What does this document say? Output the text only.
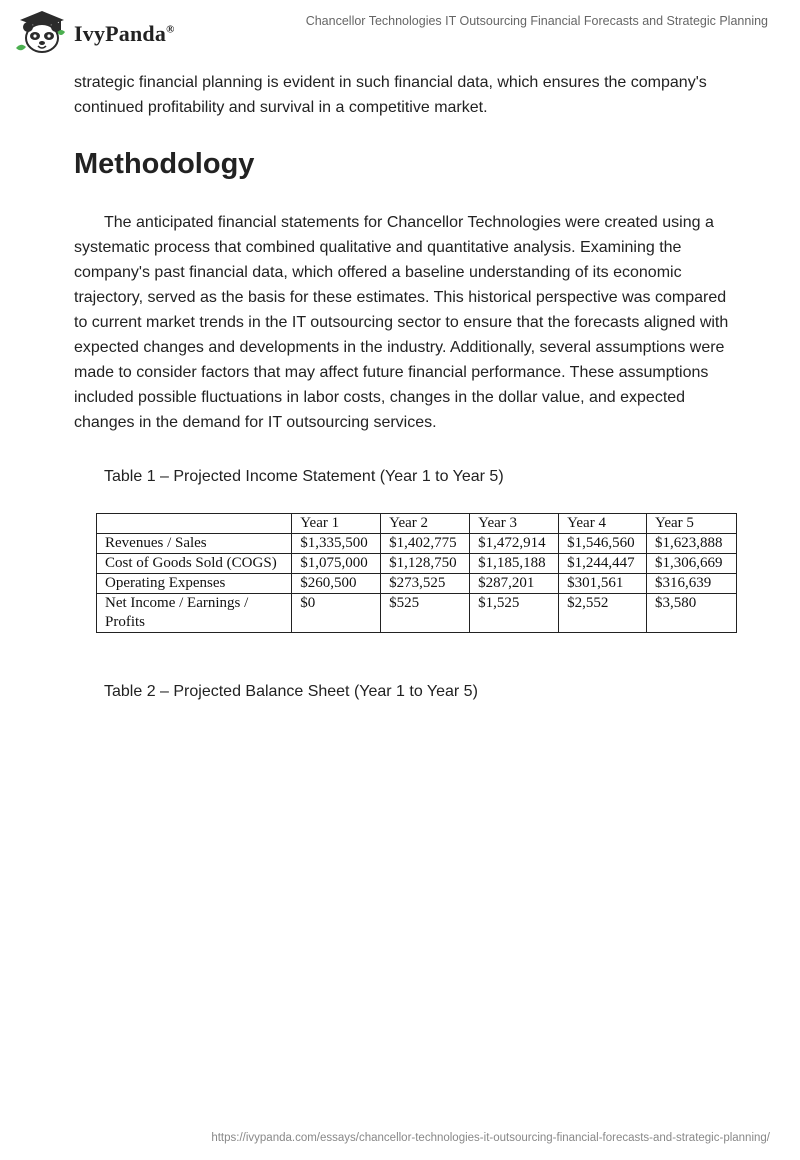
IvyPanda®
Chancellor Technologies IT Outsourcing Financial Forecasts and Strategic Planning

strategic financial planning is evident in such financial data, which ensures the company's continued profitability and survival in a competitive market.

Methodology

The anticipated financial statements for Chancellor Technologies were created using a systematic process that combined qualitative and quantitative analysis. Examining the company's past financial data, which offered a baseline understanding of its economic trajectory, served as the basis for these estimates. This historical perspective was compared to current market trends in the IT outsourcing sector to ensure that the forecasts aligned with expected changes and developments in the industry. Additionally, several assumptions were made to consider factors that may affect future financial performance. These assumptions included possible fluctuations in labor costs, changes in the dollar value, and expected changes in the demand for IT outsourcing services.

Table 1 – Projected Income Statement (Year 1 to Year 5)

	Year 1	Year 2	Year 3	Year 4	Year 5
Revenues / Sales	$1,335,500	$1,402,775	$1,472,914	$1,546,560	$1,623,888
Cost of Goods Sold (COGS)	$1,075,000	$1,128,750	$1,185,188	$1,244,447	$1,306,669
Operating Expenses	$260,500	$273,525	$287,201	$301,561	$316,639
Net Income / Earnings / Profits	$0	$525	$1,525	$2,552	$3,580

Table 2 – Projected Balance Sheet (Year 1 to Year 5)

https://ivypanda.com/essays/chancellor-technologies-it-outsourcing-financial-forecasts-and-strategic-planning/
